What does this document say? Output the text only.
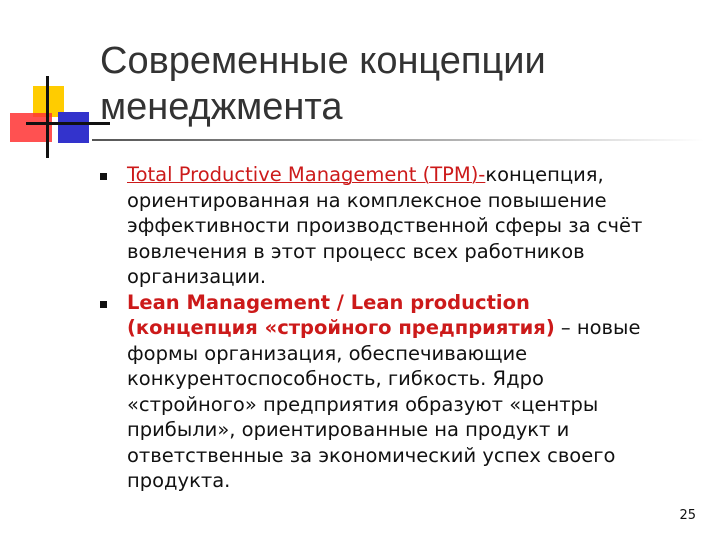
Современные концепции
менеджмента
Total Productive Management (TPM)-концепция, ориентированная на комплексное повышение эффективности производственной сферы за счёт вовлечения в этот процесс всех работников организации.
Lean Management / Lean production
(концепция «стройного предприятия) – новые формы организация, обеспечивающие конкурентоспособность, гибкость. Ядро «стройного» предприятия образуют «центры прибыли», ориентированные на продукт и ответственные за экономический успех своего продукта.
25
